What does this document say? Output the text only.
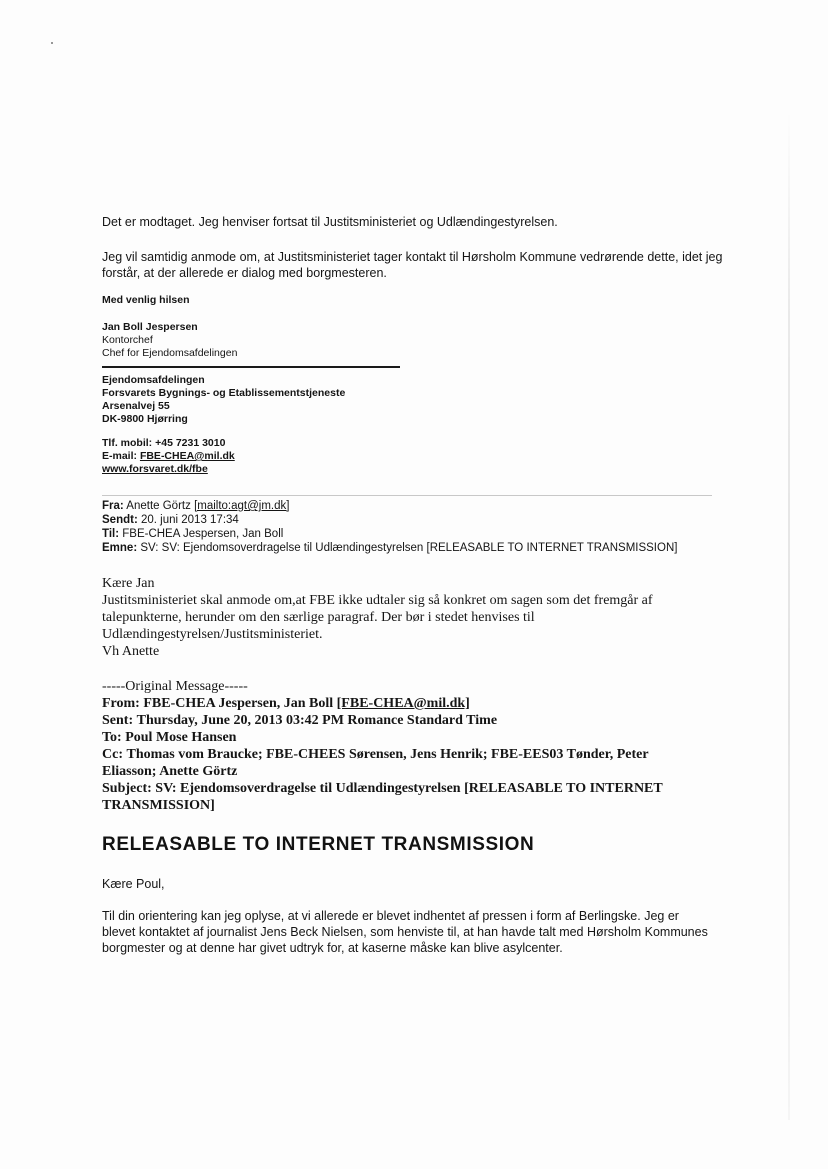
Det er modtaget. Jeg henviser fortsat til Justitsministeriet og Udlændingestyrelsen.
Jeg vil samtidig anmode om, at Justitsministeriet tager kontakt til Hørsholm Kommune vedrørende dette, idet jeg forstår, at der allerede er dialog med borgmesteren.
Med venlig hilsen
Jan Boll Jespersen
Kontorchef
Chef for Ejendomsafdelingen
Ejendomsafdelingen
Forsvarets Bygnings- og Etablissementstjeneste
Arsenalvej 55
DK-9800 Hjørring
Tlf. mobil: +45 7231 3010
E-mail: FBE-CHEA@mil.dk
www.forsvaret.dk/fbe
Fra: Anette Görtz [mailto:agt@jm.dk]
Sendt: 20. juni 2013 17:34
Til: FBE-CHEA Jespersen, Jan Boll
Emne: SV: SV: Ejendomsoverdragelse til Udlændingestyrelsen [RELEASABLE TO INTERNET TRANSMISSION]
Kære Jan
Justitsministeriet skal anmode om,at FBE ikke udtaler sig så konkret om sagen som det fremgår af talepunkterne, herunder om den særlige paragraf. Der bør i stedet henvises til Udlændingestyrelsen/Justitsministeriet.
Vh Anette
-----Original Message-----
From: FBE-CHEA Jespersen, Jan Boll [FBE-CHEA@mil.dk]
Sent: Thursday, June 20, 2013 03:42 PM Romance Standard Time
To: Poul Mose Hansen
Cc: Thomas vom Braucke; FBE-CHEES Sørensen, Jens Henrik; FBE-EES03 Tønder, Peter Eliasson; Anette Görtz
Subject: SV: Ejendomsoverdragelse til Udlændingestyrelsen [RELEASABLE TO INTERNET TRANSMISSION]
RELEASABLE TO INTERNET TRANSMISSION
Kære Poul,
Til din orientering kan jeg oplyse, at vi allerede er blevet indhentet af pressen i form af Berlingske. Jeg er blevet kontaktet af journalist Jens Beck Nielsen, som henviste til, at han havde talt med Hørsholm Kommunes borgmester og at denne har givet udtryk for, at kaserne måske kan blive asylcenter.
